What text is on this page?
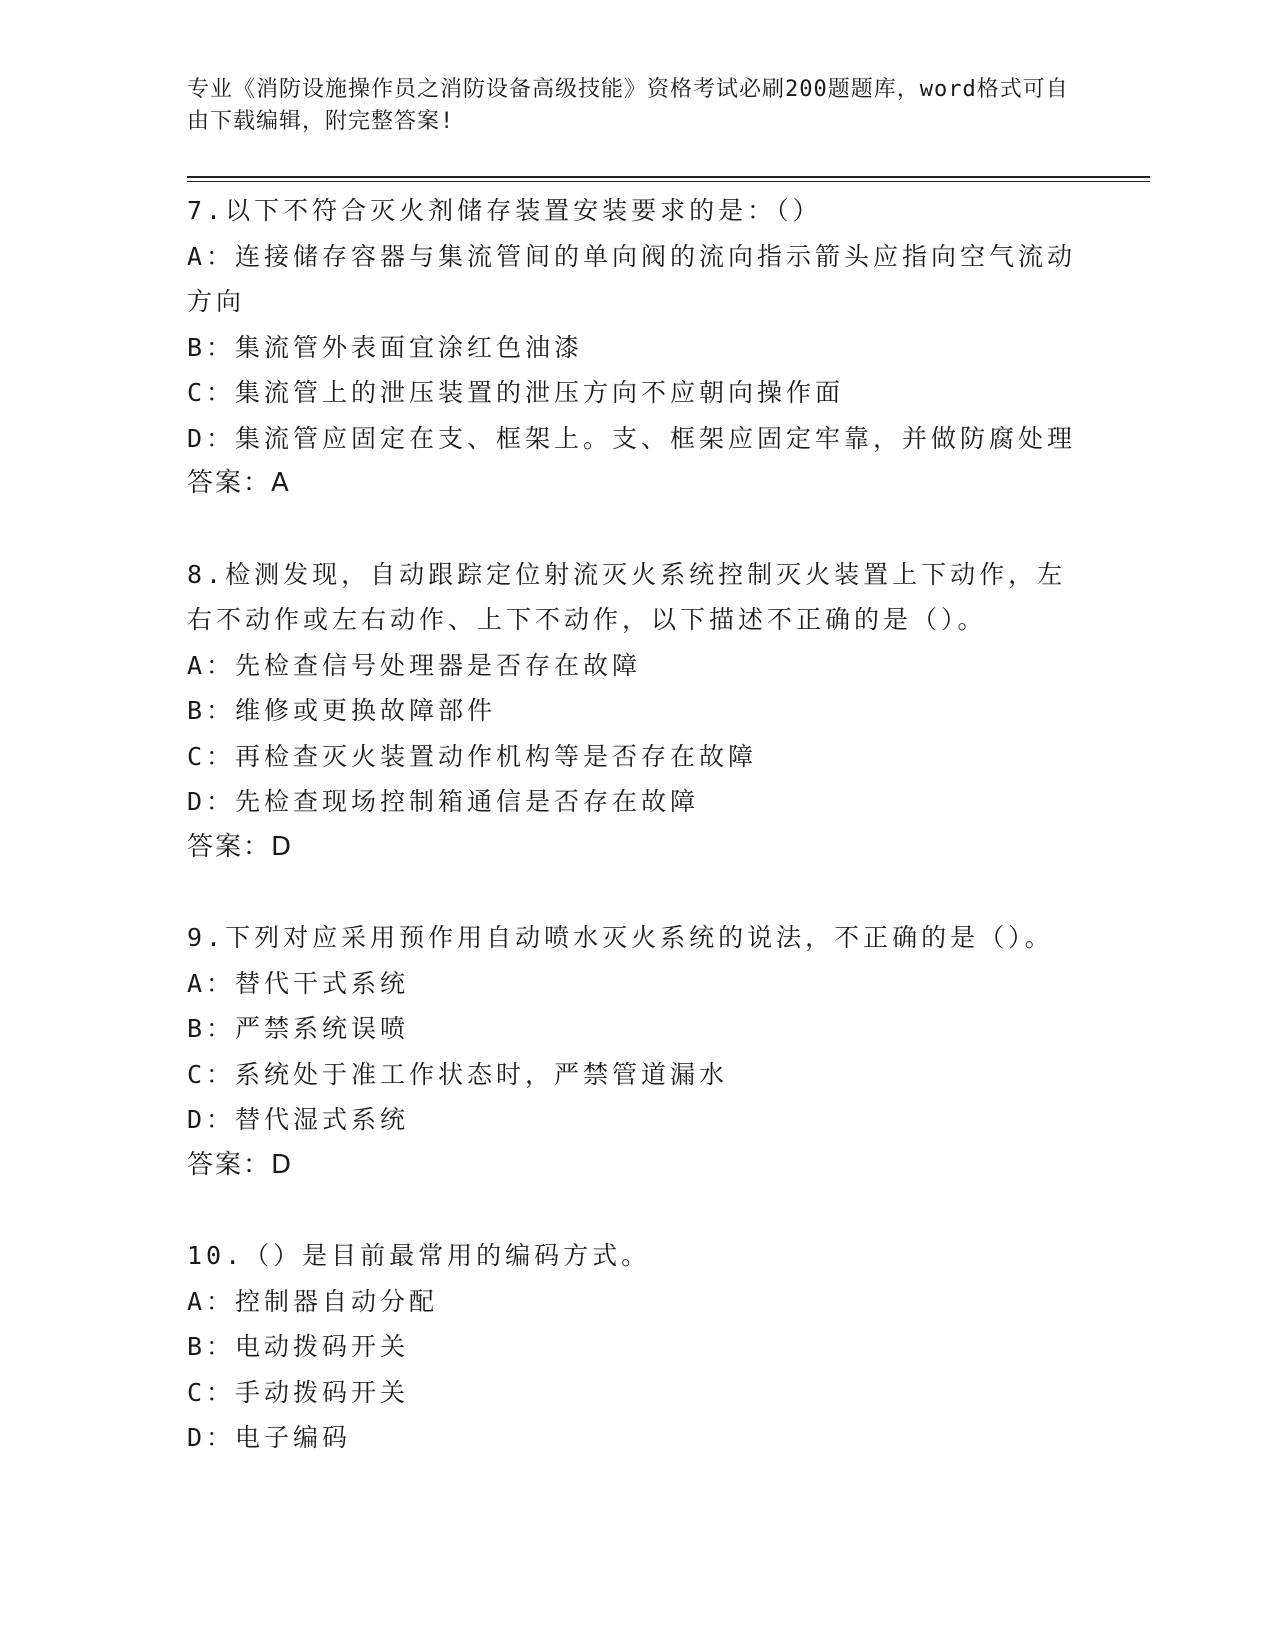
专业《消防设施操作员之消防设备高级技能》资格考试必刷200题题库，word格式可自由下载编辑，附完整答案!
7.以下不符合灭火剂储存装置安装要求的是：（）
A：连接储存容器与集流管间的单向阀的流向指示箭头应指向空气流动方向
B：集流管外表面宜涂红色油漆
C：集流管上的泄压装置的泄压方向不应朝向操作面
D：集流管应固定在支、框架上。支、框架应固定牢靠，并做防腐处理
答案：A
8.检测发现，自动跟踪定位射流灭火系统控制灭火装置上下动作，左右不动作或左右动作、上下不动作，以下描述不正确的是（）。
A：先检查信号处理器是否存在故障
B：维修或更换故障部件
C：再检查灭火装置动作机构等是否存在故障
D：先检查现场控制箱通信是否存在故障
答案：D
9.下列对应采用预作用自动喷水灭火系统的说法，不正确的是（）。
A：替代干式系统
B：严禁系统误喷
C：系统处于准工作状态时，严禁管道漏水
D：替代湿式系统
答案：D
10.（）是目前最常用的编码方式。
A：控制器自动分配
B：电动拨码开关
C：手动拨码开关
D：电子编码
